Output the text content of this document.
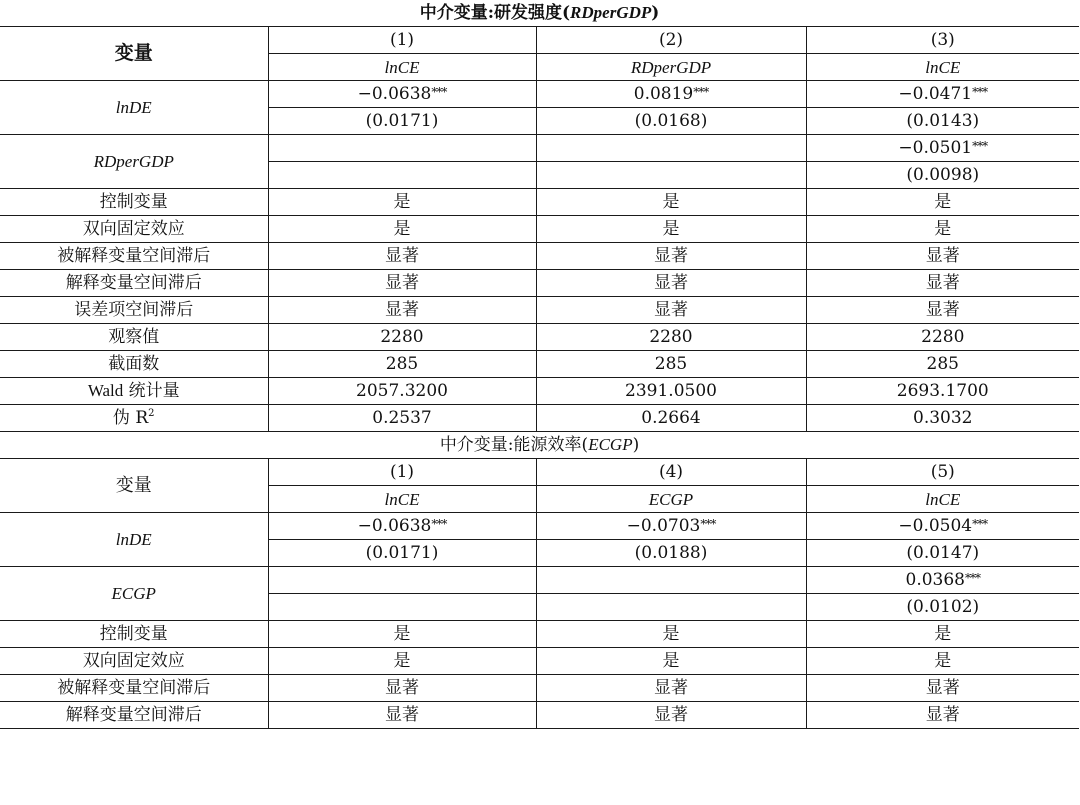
中介变量:研发强度(RDperGDP)			
变量	(1)	(2)	(3)
	lnCE	RDperGDP	lnCE
lnDE	−0.0638***	0.0819***	−0.0471***
	(0.0171)	(0.0168)	(0.0143)
RDperGDP			−0.0501***
			(0.0098)
控制变量	是	是	是
双向固定效应	是	是	是
被解释变量空间滞后	显著	显著	显著
解释变量空间滞后	显著	显著	显著
误差项空间滞后	显著	显著	显著
观察值	2280	2280	2280
截面数	285	285	285
Wald 统计量	2057.3200	2391.0500	2693.1700
伪 $R^2$	0.2537	0.2664	0.3032
中介变量:能源效率(ECGP)			
变量	(1)	(4)	(5)
	lnCE	ECGP	lnCE
lnDE	−0.0638***	−0.0703***	−0.0504***
	(0.0171)	(0.0188)	(0.0147)
ECGP			0.0368***
			(0.0102)
控制变量	是	是	是
双向固定效应	是	是	是
被解释变量空间滞后	显著	显著	显著
解释变量空间滞后	显著	显著	显著
